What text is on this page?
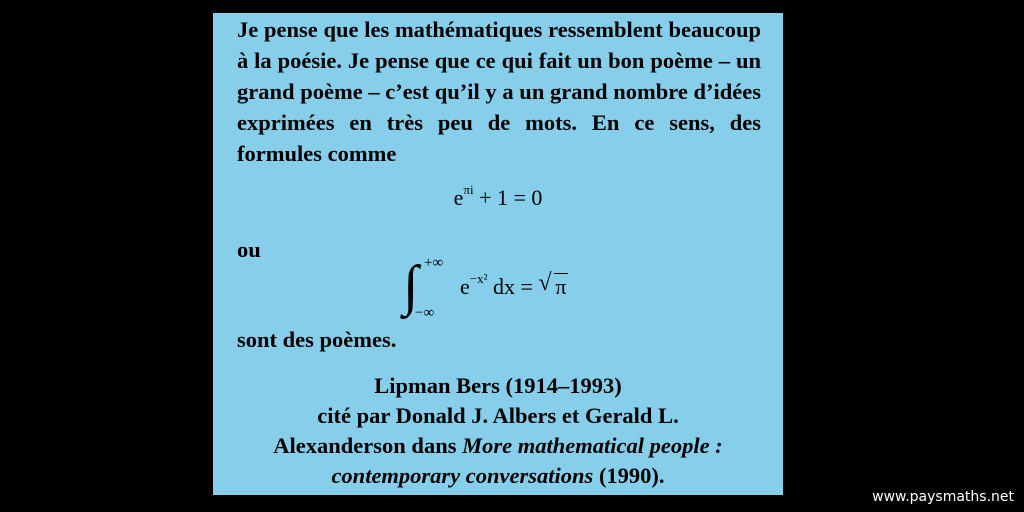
Je pense que les mathématiques ressemblent beaucoup à la poésie. Je pense que ce qui fait un bon poème – un grand poème – c’est qu’il y a un grand nombre d’idées exprimées en très peu de mots. En ce sens, des formules comme

$e^{\pi i} + 1 = 0$

ou

∫ +∞
−∞
$e^{-x^2}$ dx = √ π

sont des poèmes.

Lipman Bers (1914–1993)
cité par Donald J. Albers et Gerald L.
Alexanderson dans More mathematical people :
contemporary conversations (1990).
www.paysmaths.net
